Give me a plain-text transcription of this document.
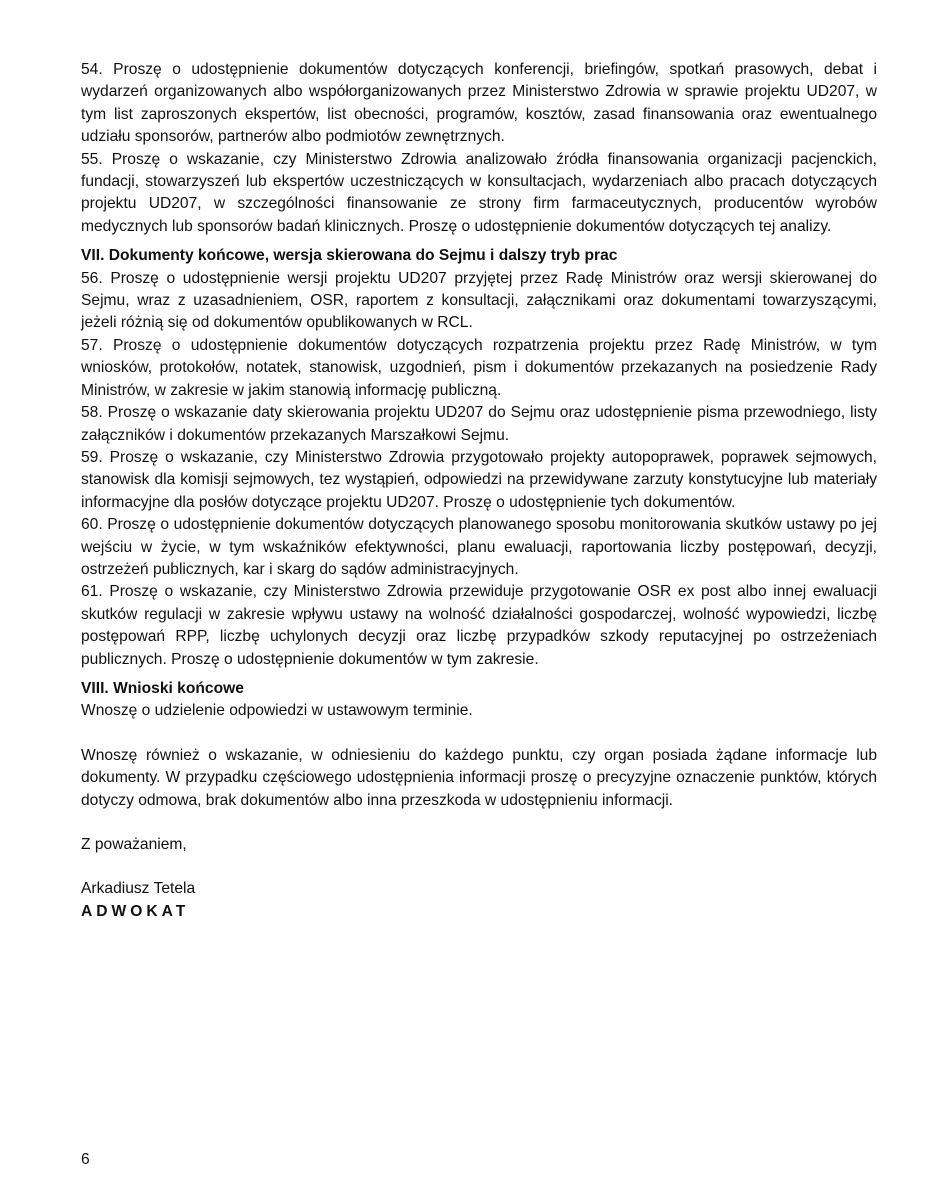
54. Proszę o udostępnienie dokumentów dotyczących konferencji, briefingów, spotkań prasowych, debat i wydarzeń organizowanych albo współorganizowanych przez Ministerstwo Zdrowia w sprawie projektu UD207, w tym list zaproszonych ekspertów, list obecności, programów, kosztów, zasad finansowania oraz ewentualnego udziału sponsorów, partnerów albo podmiotów zewnętrznych.

55. Proszę o wskazanie, czy Ministerstwo Zdrowia analizowało źródła finansowania organizacji pacjenckich, fundacji, stowarzyszeń lub ekspertów uczestniczących w konsultacjach, wydarzeniach albo pracach dotyczących projektu UD207, w szczególności finansowanie ze strony firm farmaceutycznych, producentów wyrobów medycznych lub sponsorów badań klinicznych. Proszę o udostępnienie dokumentów dotyczących tej analizy.

VII. Dokumenty końcowe, wersja skierowana do Sejmu i dalszy tryb prac

56. Proszę o udostępnienie wersji projektu UD207 przyjętej przez Radę Ministrów oraz wersji skierowanej do Sejmu, wraz z uzasadnieniem, OSR, raportem z konsultacji, załącznikami oraz dokumentami towarzyszącymi, jeżeli różnią się od dokumentów opublikowanych w RCL.

57. Proszę o udostępnienie dokumentów dotyczących rozpatrzenia projektu przez Radę Ministrów, w tym wniosków, protokołów, notatek, stanowisk, uzgodnień, pism i dokumentów przekazanych na posiedzenie Rady Ministrów, w zakresie w jakim stanowią informację publiczną.

58. Proszę o wskazanie daty skierowania projektu UD207 do Sejmu oraz udostępnienie pisma przewodniego, listy załączników i dokumentów przekazanych Marszałkowi Sejmu.

59. Proszę o wskazanie, czy Ministerstwo Zdrowia przygotowało projekty autopoprawek, poprawek sejmowych, stanowisk dla komisji sejmowych, tez wystąpień, odpowiedzi na przewidywane zarzuty konstytucyjne lub materiały informacyjne dla posłów dotyczące projektu UD207. Proszę o udostępnienie tych dokumentów.

60. Proszę o udostępnienie dokumentów dotyczących planowanego sposobu monitorowania skutków ustawy po jej wejściu w życie, w tym wskaźników efektywności, planu ewaluacji, raportowania liczby postępowań, decyzji, ostrzeżeń publicznych, kar i skarg do sądów administracyjnych.

61. Proszę o wskazanie, czy Ministerstwo Zdrowia przewiduje przygotowanie OSR ex post albo innej ewaluacji skutków regulacji w zakresie wpływu ustawy na wolność działalności gospodarczej, wolność wypowiedzi, liczbę postępowań RPP, liczbę uchylonych decyzji oraz liczbę przypadków szkody reputacyjnej po ostrzeżeniach publicznych. Proszę o udostępnienie dokumentów w tym zakresie.

VIII. Wnioski końcowe

Wnoszę o udzielenie odpowiedzi w ustawowym terminie.

Wnoszę również o wskazanie, w odniesieniu do każdego punktu, czy organ posiada żądane informacje lub dokumenty. W przypadku częściowego udostępnienia informacji proszę o precyzyjne oznaczenie punktów, których dotyczy odmowa, brak dokumentów albo inna przeszkoda w udostępnieniu informacji.

Z poważaniem,

Arkadiusz Tetela

ADWOKAT

6
